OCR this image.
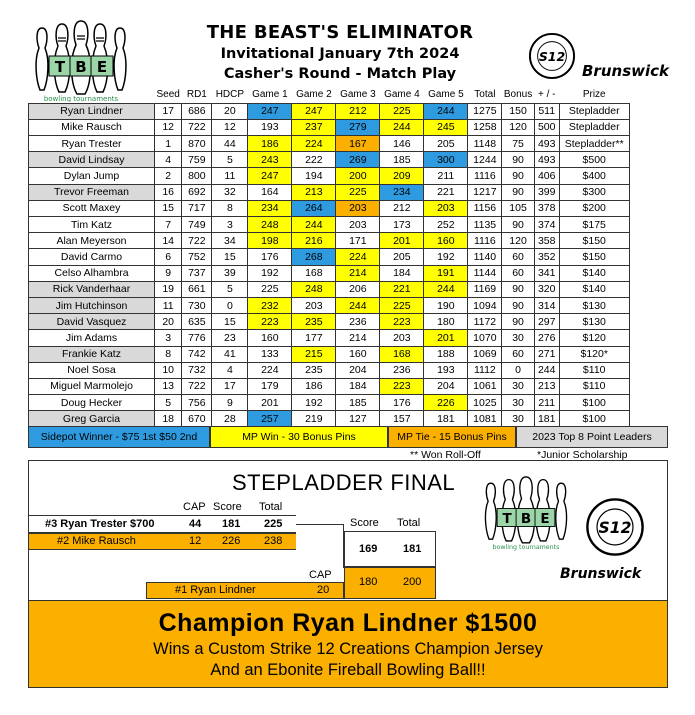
T B E
bowling tournaments
THE BEAST'S ELIMINATOR
Invitational January 7th 2024
Casher's Round - Match Play
S12
Brunswick
	Seed	RD1	HDCP	Game 1	Game 2	Game 3	Game 4	Game 5	Total	Bonus	+ / -	Prize
Ryan Lindner	17	686	20	247	247	212	225	244	1275	150	511	Stepladder
Mike Rausch	12	722	12	193	237	279	244	245	1258	120	500	Stepladder
Ryan Trester	1	870	44	186	224	167	146	205	1148	75	493	Stepladder**
David Lindsay	4	759	5	243	222	269	185	300	1244	90	493	$500
Dylan Jump	2	800	11	247	194	200	209	211	1116	90	406	$400
Trevor Freeman	16	692	32	164	213	225	234	221	1217	90	399	$300
Scott Maxey	15	717	8	234	264	203	212	203	1156	105	378	$200
Tim Katz	7	749	3	248	244	203	173	252	1135	90	374	$175
Alan Meyerson	14	722	34	198	216	171	201	160	1116	120	358	$150
David Carmo	6	752	15	176	268	224	205	192	1140	60	352	$150
Celso Alhambra	9	737	39	192	168	214	184	191	1144	60	341	$140
Rick Vanderhaar	19	661	5	225	248	206	221	244	1169	90	320	$140
Jim Hutchinson	11	730	0	232	203	244	225	190	1094	90	314	$130
David Vasquez	20	635	15	223	235	236	223	180	1172	90	297	$130
Jim Adams	3	776	23	160	177	214	203	201	1070	30	276	$120
Frankie Katz	8	742	41	133	215	160	168	188	1069	60	271	$120*
Noel Sosa	10	732	4	224	235	204	236	193	1112	0	244	$110
Miguel Marmolejo	13	722	17	179	186	184	223	204	1061	30	213	$110
Doug Hecker	5	756	9	201	192	185	176	226	1025	30	211	$100
Greg Garcia	18	670	28	257	219	127	157	181	1081	30	181	$100
Sidepot Winner - $75 1st $50 2nd	MP Win - 30 Bonus Pins	MP Tie - 15 Bonus Pins	2023 Top 8 Point Leaders
** Won Roll-Off	*Junior Scholarship
STEPLADDER FINAL
T B E
bowling tournaments
S12
Brunswick
CAP Score Total
#3 Ryan Trester $700	44 181 225
#2 Mike Rausch	12 226 238
Score Total
169 181
180 200
CAP
#1 Ryan Lindner	20
Champion Ryan Lindner $1500
Wins a Custom Strike 12 Creations Champion Jersey
And an Ebonite Fireball Bowling Ball!!
